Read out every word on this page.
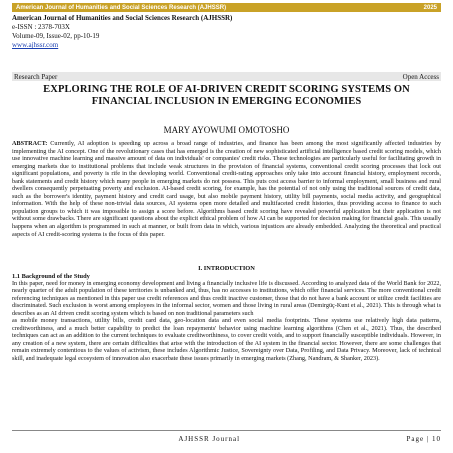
American Journal of Humanities and Social Sciences Research (AJHSSR)	2025
American Journal of Humanities and Social Sciences Research (AJHSSR)
e-ISSN : 2378-703X
Volume-09, Issue-02, pp-10-19
www.ajhssr.com
Research Paper	Open Access
EXPLORING THE ROLE OF AI-DRIVEN CREDIT SCORING SYSTEMS ON FINANCIAL INCLUSION IN EMERGING ECONOMIES
MARY AYOWUMI OMOTOSHO

ABSTRACT: Currently, AI adoption is speeding up across a broad range of industries, and finance has been among the most significantly affected industries by implementing the AI concept. One of the revolutionary cases that has emerged is the creation of new sophisticated artificial intelligence based credit scoring models, which use innovative machine learning and massive amount of data on individuals' or companies' credit risks. These technologies are particularly useful for facilitating growth in emerging markets due to institutional problems that include weak structures in the provision of financial systems, conventional credit scoring processes that lock out significant populations, and poverty is rife in the developing world. Conventional credit-rating approaches only take into account financial history, employment records, bank statements and credit history which many people in emerging markets do not possess. This puts cost access barrier to informal employment, small business and rural dwellers consequently perpetuating poverty and exclusion. AI-based credit scoring, for example, has the potential of not only using the traditional sources of credit data, such as the borrower's identity, payment history and credit card usage, but also mobile payment history, utility bill payments, social media activity, and geographical information. With the help of these non-trivial data sources, AI systems open more detailed and multifaceted credit histories, thus providing access to finance to such population groups to which it was impossible to assign a score before. Algorithms based credit scoring have revealed powerful application but their application is not without some drawbacks. There are significant questions about the explicit ethical problem of how AI can be supported for decision making for financial goals. This usually happens when an algorithm is programmed in such at manner, or built from data in which, various injustices are already embedded. Analyzing the theoretical and practical aspects of AI credit-scoring systems is the focus of this paper.

I. INTRODUCTION
1.1 Background of the Study
In this paper, need for money in emerging economy development and living a financially inclusive life is discussed. According to analyzed data of the World Bank for 2022, nearly quarter of the adult population of these territories is unbanked and, thus, has no accesses to institutions, which offer financial services. The more conventional credit referencing techniques as mentioned in this paper use credit references and thus credit inactive customer, those that do not have a bank account or utilize credit facilities are discriminated. Such exclusion is worst among employees in the informal sector, women and those living in rural areas (Demirgüç-Kunt et al., 2021). This is through what is describes as an AI driven credit scoring system which is based on non traditional parameters such
as mobile money transactions, utility bills, credit card data, geo-location data and even social media footprints. These systems use relatively high data patterns, creditworthiness, and a much better capability to predict the loan repayments' behavior using machine learning algorithms (Chen et al., 2021). Thus, the described techniques can act as an addition to the current techniques to evaluate creditworthiness, to cover credit voids, and to support financially susceptible individuals. However, in any creation of a new system, there are certain difficulties that arise with the introduction of the AI system in the financial sector. However, there are some challenges that remain extremely contentious to the values of activism, these includes Algorithmic Justice, Sovereignty over Data, Profiling, and Data Privacy. Moreover, lack of technical skill, and inadequate legal ecosystem of innovation also exacerbate these issues primarily in emerging markets (Zhang, Nandram, & Shanker, 2023).
AJHSSR Journal	Page | 10
